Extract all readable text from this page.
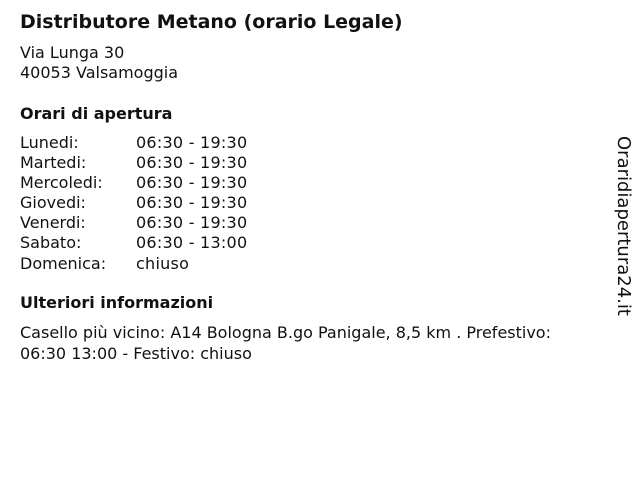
Distributore Metano (orario Legale)
Via Lunga 30
40053 Valsamoggia
Orari di apertura
Lunedi:	06:30 - 19:30
Martedi:	06:30 - 19:30
Mercoledi:	06:30 - 19:30
Giovedi:	06:30 - 19:30
Venerdi:	06:30 - 19:30
Sabato:	06:30 - 13:00
Domenica:	chiuso
Ulteriori informazioni
Casello più vicino: A14 Bologna B.go Panigale, 8,5 km . Prefestivo:
06:30 13:00 - Festivo: chiuso
Oraridiapertura24.it
